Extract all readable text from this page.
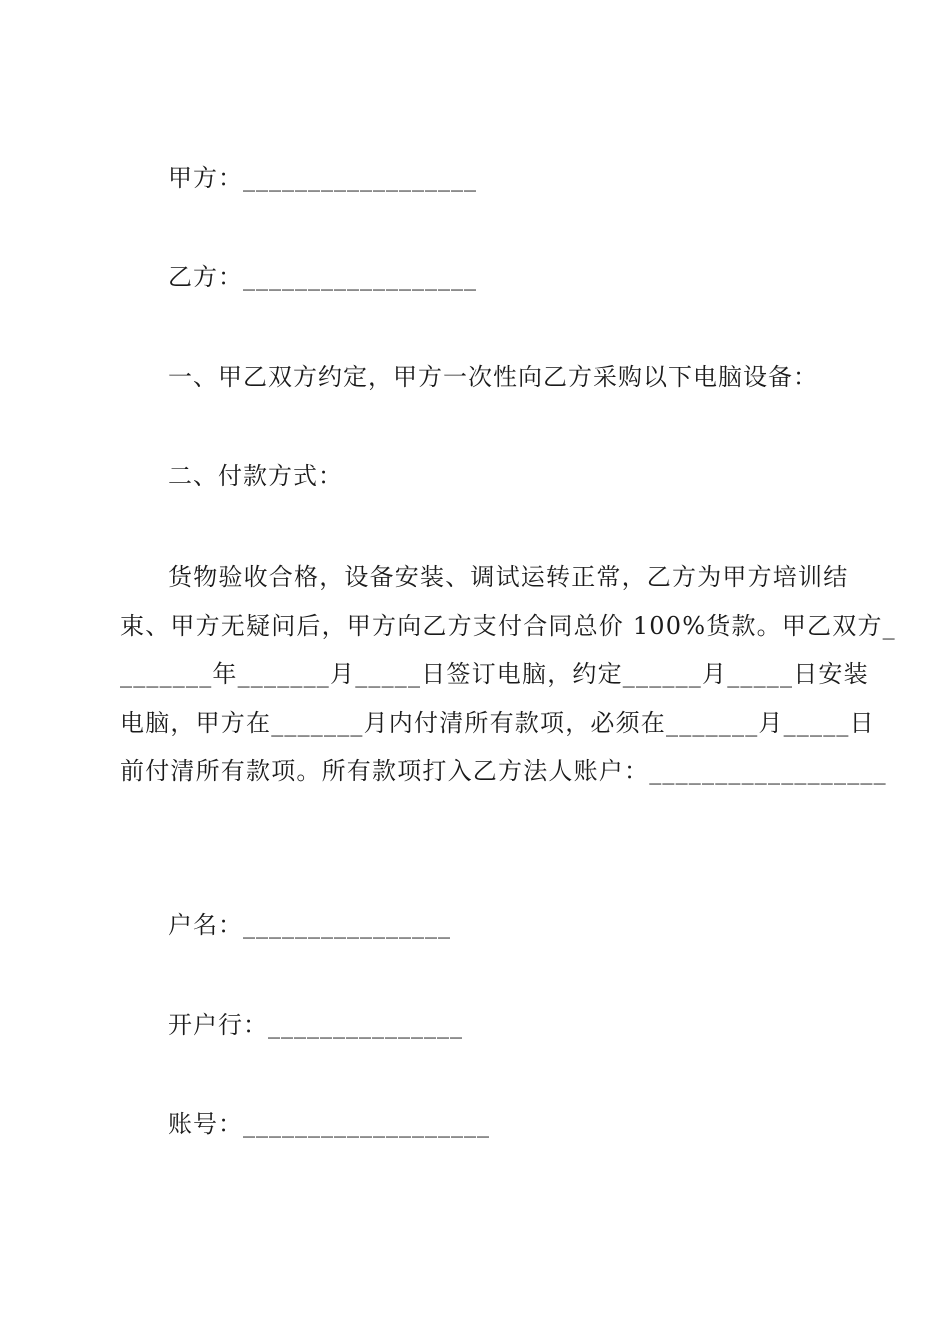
甲方：__________________
乙方：__________________
一、甲乙双方约定，甲方一次性向乙方采购以下电脑设备：
二、付款方式：
货物验收合格，设备安装、调试运转正常，乙方为甲方培训结
束、甲方无疑问后，甲方向乙方支付合同总价 100%货款。甲乙双方_
_______年_______月_____日签订电脑，约定______月_____日安装
电脑，甲方在_______月内付清所有款项，必须在_______月_____日
前付清所有款项。所有款项打入乙方法人账户：__________________
户名：________________
开户行：_______________
账号：___________________
